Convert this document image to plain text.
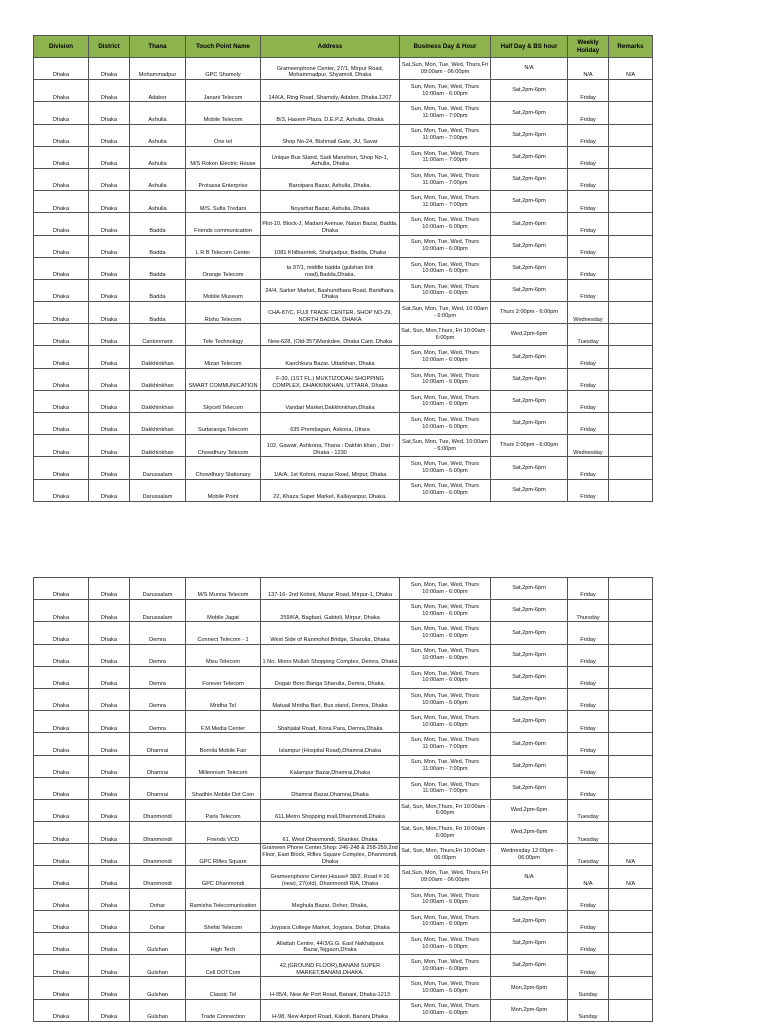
Division	District	Thana	Touch Point Name	Address	Business Day & Hour	Half Day & BS hour	Weekly Holiday	Remarks
Dhaka	Dhaka	Mohammadpur	GPC Shamoly	Grameenphone Center, 27/1, Mirpur Road, Mohammadpur, Shyamoli, Dhaka	Sat,Sun, Mon, Tue, Wed, Thurs,Fri 09:00am - 06:00pm	N/A	N/A	N/A
Dhaka	Dhaka	Adabor	Janani Telecom	14/KA, Ring Road, Shamoly, Adabor, Dhaka.1207	Sun, Mon, Tue, Wed, Thurs 10:00am - 6:00pm	Sat,2pm-6pm	Friday	
Dhaka	Dhaka	Ashulia	Mobile Telecom	B/3, Hasem Plaza, D.E.P.Z, Ashulia, Dhaka	Sun, Mon, Tue, Wed, Thurs 11:00am - 7:00pm	Sat,2pm-6pm	Friday	
Dhaka	Dhaka	Ashulia	One tel	Shop No-24, Bishmail Gate, JU, Savar	Sun, Mon, Tue, Wed, Thurs 11:00am - 7:00pm	Sat,2pm-6pm	Friday	
Dhaka	Dhaka	Ashulia	M/S Rokon Electric House	Unique Bus Stand, Sadi Manshion, Shop No-1, Ashulia, Dhaka	Sun, Mon, Tue, Wed, Thurs 11:00am - 7:00pm	Sat,2pm-6pm	Friday	
Dhaka	Dhaka	Ashulia	Protassa Enterprise	Baroipara Bazar, Ashulia, Dhaka.	Sun, Mon, Tue, Wed, Thurs 11:00am - 7:00pm	Sat,2pm-6pm	Friday	
Dhaka	Dhaka	Ashulia	M/S. Sufia Tredars	Noyarhat Bazar, Ashulia, Dhaka	Sun, Mon, Tue, Wed, Thurs 11:00am - 7:00pm	Sat,2pm-6pm	Friday	
Dhaka	Dhaka	Badda	Friends communication	Plot-10, Block-J, Madani Avenue, Natun Bazar, Badda, Dhaka	Sun, Mon, Tue, Wed, Thurs 10:00am - 6:00pm	Sat,2pm-6pm	Friday	
Dhaka	Dhaka	Badda	L R B Telecom Center	1081 Khilbarirtek, Shahjadpur, Badda, Dhaka	Sun, Mon, Tue, Wed, Thurs 10:00am - 6:00pm	Sat,2pm-6pm	Friday	
Dhaka	Dhaka	Badda	Orange Telecom	ta 97/1, middle badda (gulshan link road),Badda,Dhaka.	Sun, Mon, Tue, Wed, Thurs 10:00am - 6:00pm	Sat,2pm-6pm	Friday	
Dhaka	Dhaka	Badda	Mobile Museum	24/4, Sarker Market, Bashundhara Road, Baridhara, Dhaka	Sun, Mon, Tue, Wed, Thurs 10:00am - 6:00pm	Sat,2pm-6pm	Friday	
Dhaka	Dhaka	Badda	Rishu Telecom	CHA-87/C, FUJI TRADE CENTER, SHOP NO-29, NORTH BADDA, DHAKA	Sat,Sun, Mon, Tue, Wed, 10:00am - 6:00pm	Thurs 2:00pm - 6:00pm	Wednesday	
Dhaka	Dhaka	Cantonment	Tele Technology	New-628, (Old-357)Mankdee, Dhaka Cant. Dhaka	Sat, Sun, Mon,Thurs, Fri 10:00am - 6:00pm	Wed,2pm-6pm	Tuesday	
Dhaka	Dhaka	Dakkhinkhan	Mizan Telecom	Kanchkura Bazar, Uttarkhan, Dhaka	Sun, Mon, Tue, Wed, Thurs 10:00am - 6:00pm	Sat,2pm-6pm	Friday	
Dhaka	Dhaka	Dakkhinkhan	SMART COMMUNICATION	F-30, (1ST FL.) MUKTIZODAH SHOPPING COMPLEX, DHAKKINKHAN, UTTARA, Dhaka	Sun, Mon, Tue, Wed, Thurs 10:00am - 6:00pm	Sat,2pm-6pm	Friday	
Dhaka	Dhaka	Dakkhinkhan	Skycell Telecom	Vandari Market,Dakkhinkhan,Dhaka	Sun, Mon, Tue, Wed, Thurs 10:00am - 6:00pm	Sat,2pm-6pm	Friday	
Dhaka	Dhaka	Dakkhinkhan	Surtaranga Telecom	635 Prembagan, Askona, Uttara	Sun, Mon, Tue, Wed, Thurs 10:00am - 6:00pm	Sat,2pm-6pm	Friday	
Dhaka	Dhaka	Dakkhinkhan	Chowdhury Telecom	102, Gawair, Ashkona, Thana : Dakhin khan , Dist : Dhaka - 1230	Sat,Sun, Mon, Tue, Wed, 10:00am - 6:00pm	Thurs 2:00pm - 6:00pm	Wednesday	
Dhaka	Dhaka	Darussalam	Chowdhury Stationary	1/A/A, 1st Koloni, mazar Road, Mirpur, Dhaka	Sun, Mon, Tue, Wed, Thurs 10:00am - 6:00pm	Sat,2pm-6pm	Friday	
Dhaka	Dhaka	Darussalam	Mobile Point	22, Khaza Super Market, Kallayanpur, Dhaka.	Sun, Mon, Tue, Wed, Thurs 10:00am - 6:00pm	Sat,2pm-6pm	Friday	
Dhaka	Dhaka	Darussalam	M/S Munna Telecom	137-16- 2nd Koloni, Mazar Road, Mirpur-1, Dhaka	Sun, Mon, Tue, Wed, Thurs 10:00am - 6:00pm	Sat,2pm-6pm	Friday	
Dhaka	Dhaka	Darussalam	Mobile Jagat	259/KA, Bagbari, Gabtoli, Mirpur, Dhaka	Sun, Mon, Tue, Wed, Thurs 10:00am - 6:00pm	Sat,2pm-6pm	Thursday	
Dhaka	Dhaka	Demra	Connect Telecom - 1	West Side of Ranmohol Bridge, Sharulia, Dhaka	Sun, Mon, Tue, Wed, Thurs 10:00am - 6:00pm	Sat,2pm-6pm	Friday	
Dhaka	Dhaka	Demra	Misu Telecom	1 No. Mono Mullah Shopping Complex, Demra, Dhaka	Sun, Mon, Tue, Wed, Thurs 10:00am - 6:00pm	Sat,2pm-6pm	Friday	
Dhaka	Dhaka	Demra	Forever Telecom	Dogair Boro Banga Sharulia, Demra, Dhaka.	Sun, Mon, Tue, Wed, Thurs 10:00am - 6:00pm	Sat,2pm-6pm	Friday	
Dhaka	Dhaka	Demra	Mridha Tel	Matuail Mridha Bari, Bus stand, Demra, Dhaka	Sun, Mon, Tue, Wed, Thurs 10:00am - 6:00pm	Sat,2pm-6pm	Friday	
Dhaka	Dhaka	Demra	F.M.Media Center	Shahjalal Road, Kona Para, Demra,Dhaka	Sun, Mon, Tue, Wed, Thurs 10:00am - 6:00pm	Sat,2pm-6pm	Friday	
Dhaka	Dhaka	Dhamrai	Bornila Mobile Fair	Islampur (Hospital Road),Dhamrai,Dhaka	Sun, Mon, Tue, Wed, Thurs 11:00am - 7:00pm	Sat,2pm-6pm	Friday	
Dhaka	Dhaka	Dhamrai	Millennium Telecom	Kalampur Bazar,Dhamrai,Dhaka	Sun, Mon, Tue, Wed, Thurs 11:00am - 7:00pm	Sat,2pm-6pm	Friday	
Dhaka	Dhaka	Dhamrai	Shadhin Mobile Dot Com	Dhamrai Bazar,Dhamrai,Dhaka	Sun, Mon, Tue, Wed, Thurs 11:00am - 7:00pm	Sat,2pm-6pm	Friday	
Dhaka	Dhaka	Dhanmondi	Paris Telecom	611,Metro Shopping mall,Dhanmondi,Dhaka	Sat, Sun, Mon,Thurs, Fri 10:00am - 6:00pm	Wed,2pm-6pm	Tuesday	
Dhaka	Dhaka	Dhanmondi	Friends VCD	61, West Dhanmondi, Shanker, Dhaka	Sat, Sun, Mon,Thurs, Fri 10:00am - 6:00pm	Wed,2pm-6pm	Tuesday	
Dhaka	Dhaka	Dhanmondi	GPC Rifles Square	Grameen Phone Center,Shop: 246-248 & 258-259,2nd Floor, East Block, Rifles Square Complex, Dhanmondi, Dhaka	Sat, Sun, Mon, Thurs,Fri 10:00am - 06:00pm	Wednesday 12:00pm - 06:00pm	Tuesday	N/A
Dhaka	Dhaka	Dhanmondi	GPC Dhanmondi	Grameenphone Center,House# 38/2, Road # 16 (new), 27(old), Dhanmondi R/A, Dhaka	Sat,Sun, Mon, Tue, Wed, Thurs,Fri 09:00am - 06:00pm	N/A	N/A	N/A
Dhaka	Dhaka	Dohar	Ramisha Telecomunication	Meghula Bazar, Doher, Dhaka,	Sun, Mon, Tue, Wed, Thurs 10:00am - 6:00pm	Sat,2pm-6pm	Friday	
Dhaka	Dhaka	Dohar	Shefat Telecom	Joypara College Market, Joypara, Dohar, Dhaka	Sun, Mon, Tue, Wed, Thurs 10:00am - 6:00pm	Sat,2pm-6pm	Friday	
Dhaka	Dhaka	Gulshan	High Tech	Allattah Centre, 44/3/G.G. East Nakhalpara Bazar,Tejgaon,Dhaka	Sun, Mon, Tue, Wed, Thurs 10:00am - 6:00pm	Sat,2pm-6pm	Friday	
Dhaka	Dhaka	Gulshan	Cell DOTCom	42,(GROUND FLOOR),BANANI SUPER MARKET,BANANI,DHAKA.	Sun, Mon, Tue, Wed, Thurs 10:00am - 6:00pm	Sat,2pm-6pm	Friday	
Dhaka	Dhaka	Gulshan	Classic Tel	H-95/4, New Air Port Road, Banani, Dhaka-1213	Sun, Mon, Tue, Wed, Thurs 10:00am - 6:00pm	Mon,2pm-6pm	Sunday	
Dhaka	Dhaka	Gulshan	Trade Connection	H-98, New Airport Road, Kakoli, Banani,Dhaka	Sun, Mon, Tue, Wed, Thurs 10:00am - 6:00pm	Mon,2pm-6pm	Sunday	
